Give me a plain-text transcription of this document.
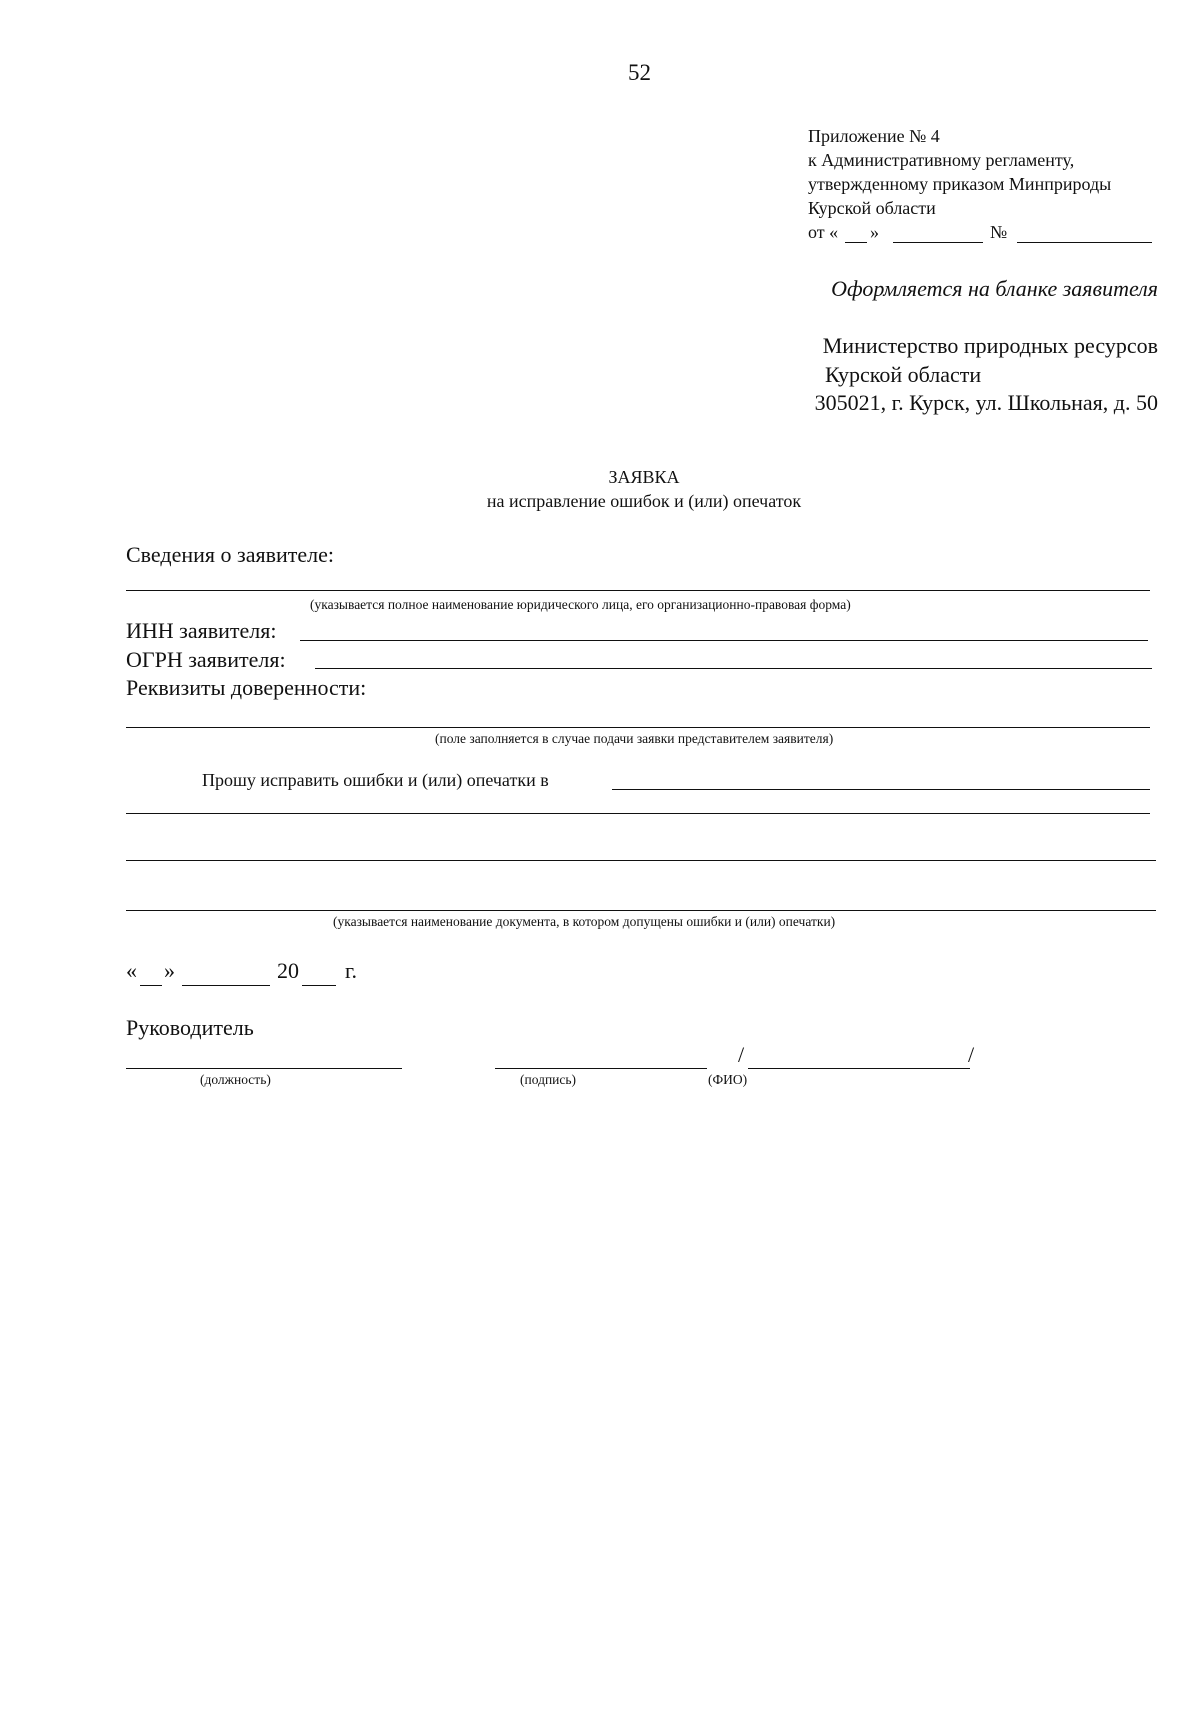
52
Приложение № 4
к Административному регламенту,
утвержденному приказом Минприроды
Курской области
от « »	№
Оформляется на бланке заявителя
Министерство природных ресурсов
Курской области
305021, г. Курск, ул. Школьная, д. 50
ЗАЯВКА
на исправление ошибок и (или) опечаток
Сведения о заявителе:
(указывается полное наименование юридического лица, его организационно-правовая форма)
ИНН заявителя:
ОГРН заявителя:
Реквизиты доверенности:
(поле заполняется в случае подачи заявки представителем заявителя)
Прошу исправить ошибки и (или) опечатки в
(указывается наименование документа, в котором допущены ошибки и (или) опечатки)
« »	20 г.
Руководитель
(должность)	(подпись)
/	/
(ФИО)
